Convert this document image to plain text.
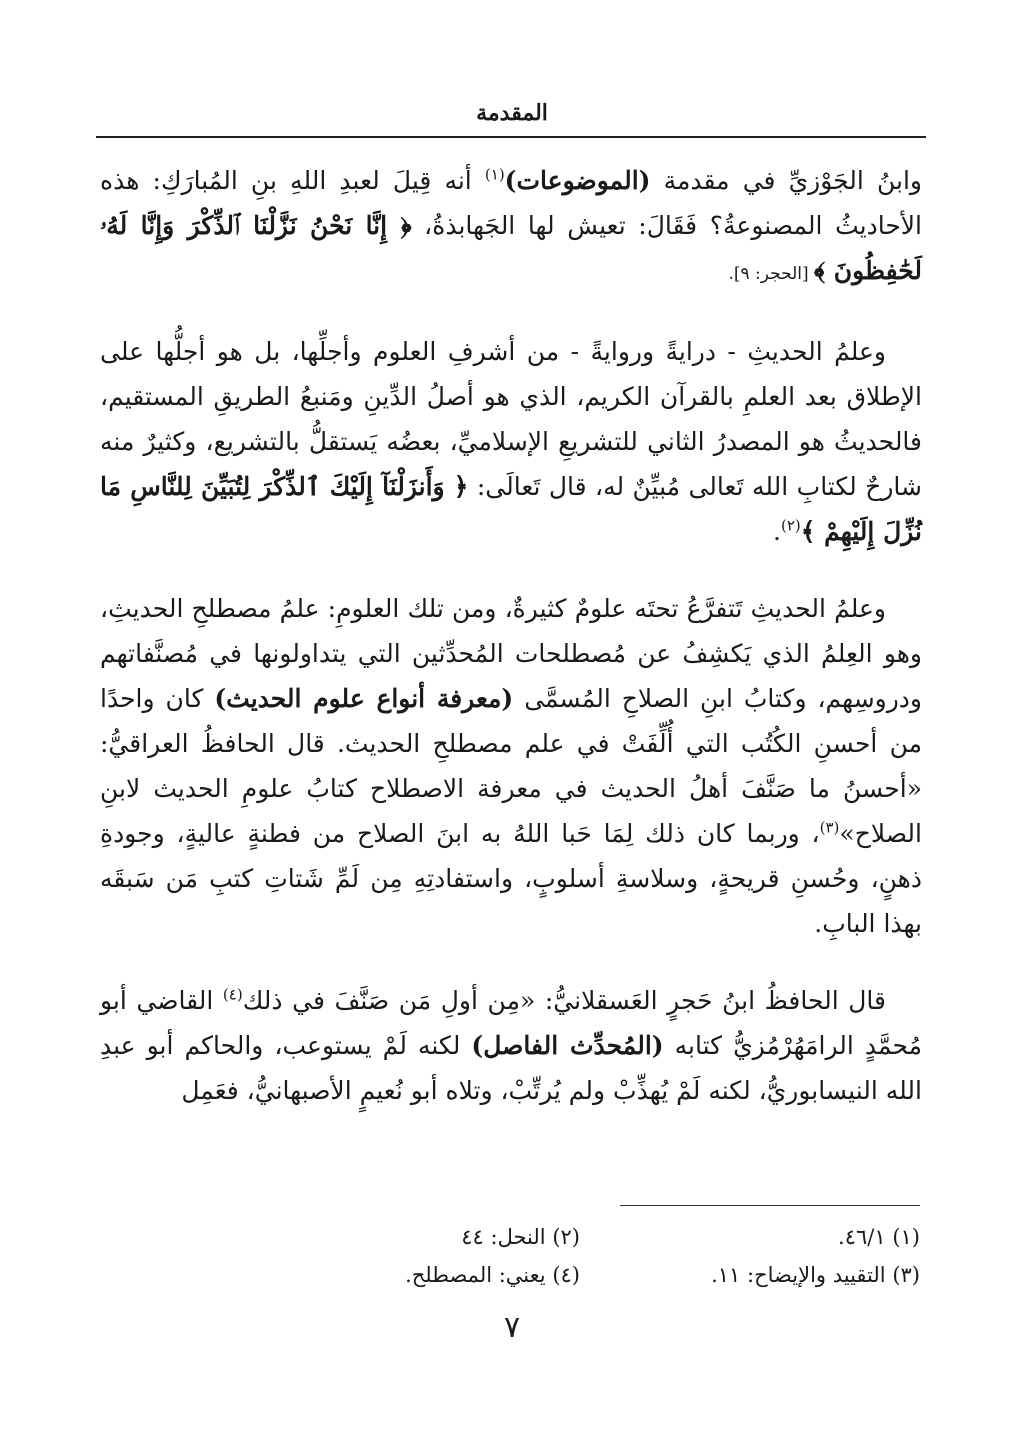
المقدمة

وابنُ الجَوْزيِّ في مقدمة (الموضوعات)$^{(١)}$ أنه قِيلَ لعبدِ اللهِ بنِ المُبارَكِ: هذه الأحاديثُ المصنوعةُ؟ فَقَالَ: تعيش لها الجَهابذةُ، ﴿ إِنَّا نَحْنُ نَزَّلْنَا ٱلذِّكْرَ وَإِنَّا لَهُۥ لَحَٰفِظُونَ ﴾ [الحجر: ٩].

وعلمُ الحديثِ - درايةً وروايةً - من أشرفِ العلوم وأجلِّها، بل هو أجلُّها على الإطلاق بعد العلمِ بالقرآن الكريم، الذي هو أصلُ الدِّينِ ومَنبعُ الطريقِ المستقيم، فالحديثُ هو المصدرُ الثاني للتشريعِ الإسلاميِّ، بعضُه يَستقلُّ بالتشريع، وكثيرٌ منه شارحٌ لكتابِ الله تَعالى مُبيِّنٌ له، قال تَعالَى: ﴿ وَأَنزَلْنَآ إِلَيْكَ ٱلذِّكْرَ لِتُبَيِّنَ لِلنَّاسِ مَا نُزِّلَ إِلَيْهِمْ ﴾$^{(٢)}$.

وعلمُ الحديثِ تَتفرَّعُ تحتَه علومٌ كثيرةٌ، ومن تلك العلومِ: علمُ مصطلحِ الحديثِ، وهو العِلمُ الذي يَكشِفُ عن مُصطلحات المُحدِّثين التي يتداولونها في مُصنَّفاتهم ودروسِهم، وكتابُ ابنِ الصلاحِ المُسمَّى (معرفة أنواع علوم الحديث) كان واحدًا من أحسنِ الكُتُب التي أُلِّفَتْ في علم مصطلحِ الحديث. قال الحافظُ العراقيُّ: «أحسنُ ما صَنَّفَ أهلُ الحديث في معرفة الاصطلاح كتابُ علومِ الحديث لابنِ الصلاح»$^{(٣)}$، وربما كان ذلك لِمَا حَبا اللهُ به ابنَ الصلاح من فطنةٍ عاليةٍ، وجودةِ ذهنٍ، وحُسنِ قريحةٍ، وسلاسةِ أسلوبٍ، واستفادتِهِ مِن لَمِّ شَتاتِ كتبِ مَن سَبقَه بهذا البابِ.

قال الحافظُ ابنُ حَجرٍ العَسقلانيُّ: «مِن أولِ مَن صَنَّفَ في ذلك$^{(٤)}$ القاضي أبو مُحمَّدٍ الرامَهُرْمُزيُّ كتابه (المُحدِّث الفاصل) لكنه لَمْ يستوعب، والحاكم أبو عبدِ الله النيسابوريُّ، لكنه لَمْ يُهذِّبْ ولم يُرتِّبْ، وتلاه أبو نُعيمٍ الأصبهانيُّ، فعَمِل

(١) ٤٦/١.
(٢) النحل: ٤٤
(٣) التقييد والإيضاح: ١١.
(٤) يعني: المصطلح.
٧
